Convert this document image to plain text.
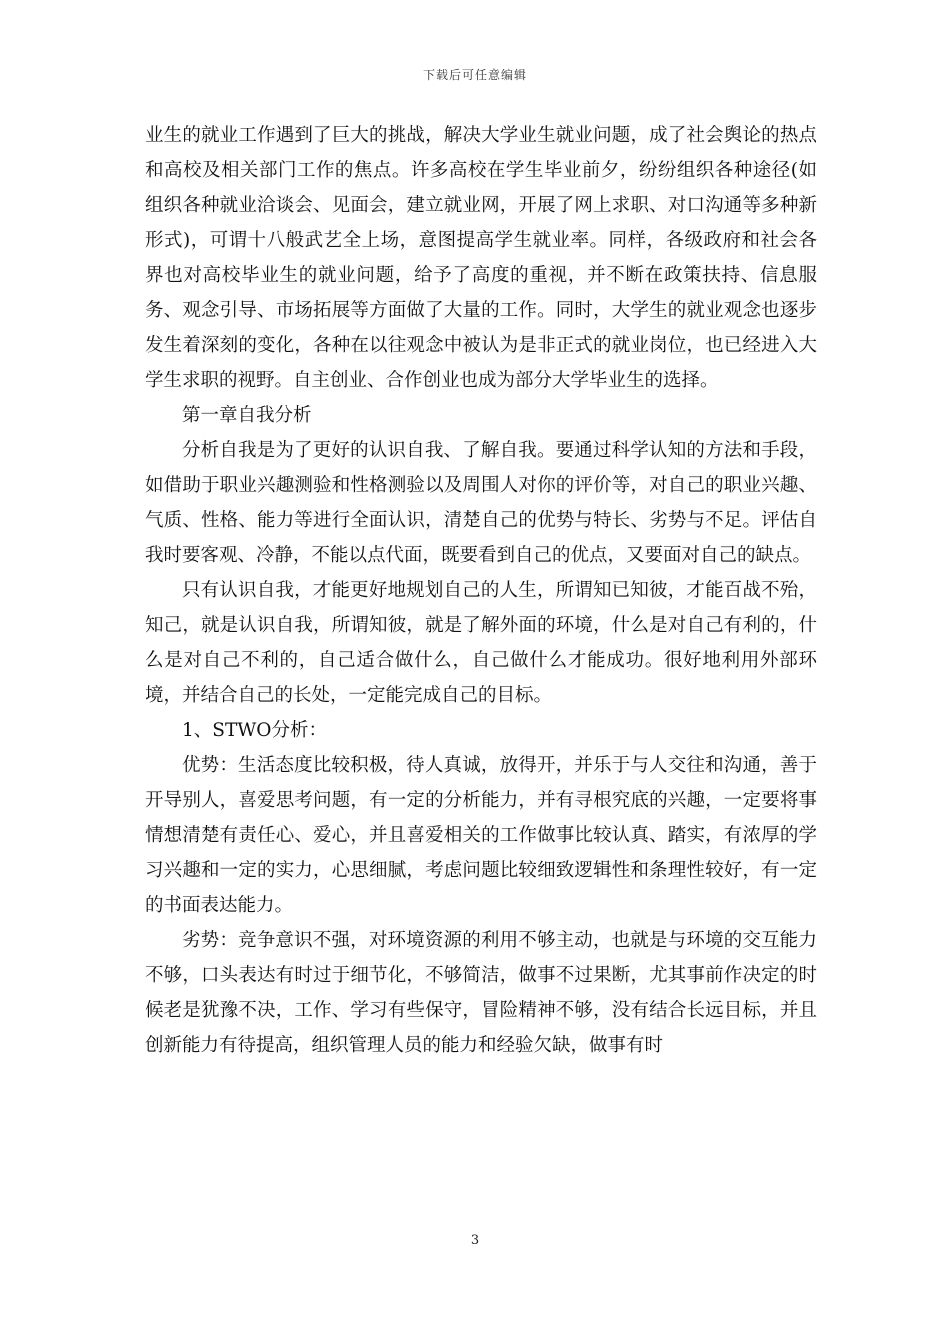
下载后可任意编辑

业生的就业工作遇到了巨大的挑战，解决大学业生就业问题，成了社会舆论的热点和高校及相关部门工作的焦点。许多高校在学生毕业前夕，纷纷组织各种途径(如组织各种就业洽谈会、见面会，建立就业网，开展了网上求职、对口沟通等多种新形式)，可谓十八般武艺全上场，意图提高学生就业率。同样，各级政府和社会各界也对高校毕业生的就业问题，给予了高度的重视，并不断在政策扶持、信息服务、观念引导、市场拓展等方面做了大量的工作。同时，大学生的就业观念也逐步发生着深刻的变化，各种在以往观念中被认为是非正式的就业岗位，也已经进入大学生求职的视野。自主创业、合作创业也成为部分大学毕业生的选择。

第一章自我分析

分析自我是为了更好的认识自我、了解自我。要通过科学认知的方法和手段，如借助于职业兴趣测验和性格测验以及周围人对你的评价等，对自己的职业兴趣、气质、性格、能力等进行全面认识，清楚自己的优势与特长、劣势与不足。评估自我时要客观、冷静，不能以点代面，既要看到自己的优点，又要面对自己的缺点。

只有认识自我，才能更好地规划自己的人生，所谓知已知彼，才能百战不殆，知己，就是认识自我，所谓知彼，就是了解外面的环境，什么是对自己有利的，什么是对自己不利的，自己适合做什么，自己做什么才能成功。很好地利用外部环境，并结合自己的长处，一定能完成自己的目标。

1、STWO分析：

优势：生活态度比较积极，待人真诚，放得开，并乐于与人交往和沟通，善于开导别人，喜爱思考问题，有一定的分析能力，并有寻根究底的兴趣，一定要将事情想清楚有责任心、爱心，并且喜爱相关的工作做事比较认真、踏实，有浓厚的学习兴趣和一定的实力，心思细腻，考虑问题比较细致逻辑性和条理性较好，有一定的书面表达能力。

劣势：竞争意识不强，对环境资源的利用不够主动，也就是与环境的交互能力不够，口头表达有时过于细节化，不够简洁，做事不过果断，尤其事前作决定的时候老是犹豫不决，工作、学习有些保守，冒险精神不够，没有结合长远目标，并且创新能力有待提高，组织管理人员的能力和经验欠缺，做事有时

3
